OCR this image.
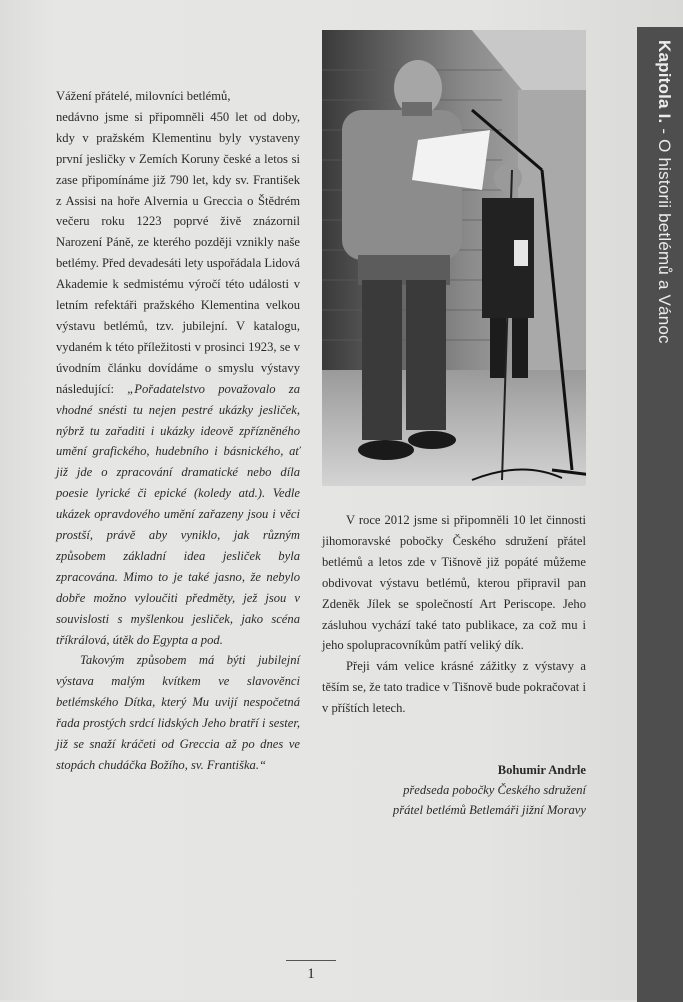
Vážení přátelé, milovníci betlémů,

nedávno jsme si připomněli 450 let od doby, kdy v pražském Klementinu byly vystaveny první jesličky v Zemích Koruny české a letos si zase připomínáme již 790 let, kdy sv. František z Assisi na hoře Alvernia u Greccia o Štědrém večeru roku 1223 poprvé živě znázornil Narození Páně, ze kterého později vznikly naše betlémy. Před devadesáti lety uspořádala Lidová Akademie k sedmistému výročí této události v letním refektáři pražského Klementina velkou výstavu betlémů, tzv. jubilejní. V katalogu, vydaném k této příležitosti v prosinci 1923, se v úvodním článku dovídáme o smyslu výstavy následující: „Pořadatelstvo považovalo za vhodné snésti tu nejen pestré ukázky jesliček, nýbrž tu zařaditi i ukázky ideově zpřízněného umění grafického, hudebního i básnického, ať již jde o zpracování dramatické nebo díla poesie lyrické či epické (koledy atd.). Vedle ukázek opravdového umění zařazeny jsou i věci prostší, právě aby vyniklo, jak různým způsobem základní idea jesliček byla zpracována. Mimo to je také jasno, že nebylo dobře možno vyloučiti předměty, jež jsou v souvislosti s myšlenkou jesliček, jako scéna tříkrálová, útěk do Egypta a pod.

Takovým způsobem má býti jubilejní výstava malým kvítkem ve slavověnci betlémského Dítka, který Mu uvijí nespočetná řada prostých srdcí lidských Jeho bratří i sester, již se snaží kráčeti od Greccia až po dnes ve stopách chudáčka Božího, sv. Františka.“

V roce 2012 jsme si připomněli 10 let činnosti jihomoravské pobočky Českého sdružení přátel betlémů a letos zde v Tišnově již popáté můžeme obdivovat výstavu betlémů, kterou připravil pan Zdeněk Jílek se společností Art Periscope. Jeho zásluhou vychází také tato publikace, za což mu i jeho spolupracovníkům patří veliký dík.

Přeji vám velice krásné zážitky z výstavy a těším se, že tato tradice v Tišnově bude pokračovat i v příštích letech.

Bohumir Andrle
předseda pobočky Českého sdružení
přátel betlémů Betlemáři jižní Moravy
Kapitola I. - O historii betlémů a Vánoc
1
